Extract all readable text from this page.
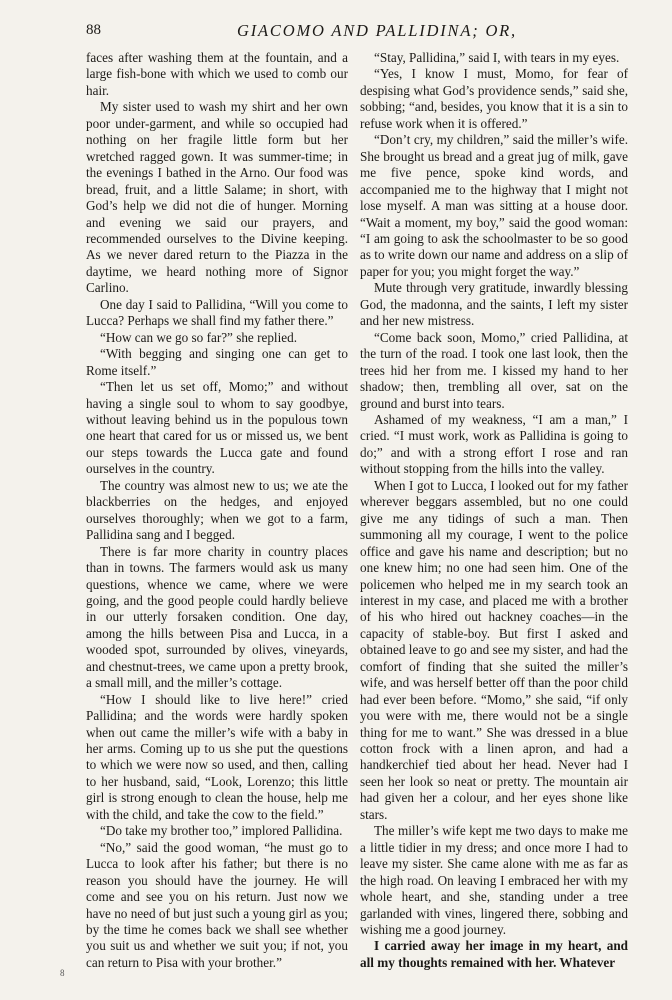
88	GIACOMO AND PALLIDINA; OR,

faces after washing them at the fountain, and a large fish-bone with which we used to comb our hair.

My sister used to wash my shirt and her own poor under-garment, and while so occupied had nothing on her fragile little form but her wretched ragged gown. It was summer-time; in the evenings I bathed in the Arno. Our food was bread, fruit, and a little Salame; in short, with God’s help we did not die of hunger. Morning and evening we said our prayers, and recommended ourselves to the Divine keeping. As we never dared return to the Piazza in the daytime, we heard nothing more of Signor Carlino.

One day I said to Pallidina, “Will you come to Lucca? Perhaps we shall find my father there.”

“How can we go so far?” she replied.

“With begging and singing one can get to Rome itself.”

“Then let us set off, Momo;” and without having a single soul to whom to say goodbye, without leaving behind us in the populous town one heart that cared for us or missed us, we bent our steps towards the Lucca gate and found ourselves in the country.

The country was almost new to us; we ate the blackberries on the hedges, and enjoyed ourselves thoroughly; when we got to a farm, Pallidina sang and I begged.

There is far more charity in country places than in towns. The farmers would ask us many questions, whence we came, where we were going, and the good people could hardly believe in our utterly forsaken condition. One day, among the hills between Pisa and Lucca, in a wooded spot, surrounded by olives, vineyards, and chestnut-trees, we came upon a pretty brook, a small mill, and the miller’s cottage.

“How I should like to live here!” cried Pallidina; and the words were hardly spoken when out came the miller’s wife with a baby in her arms. Coming up to us she put the questions to which we were now so used, and then, calling to her husband, said, “Look, Lorenzo; this little girl is strong enough to clean the house, help me with the child, and take the cow to the field.”

“Do take my brother too,” implored Pallidina.

“No,” said the good woman, “he must go to Lucca to look after his father; but there is no reason you should have the journey. He will come and see you on his return. Just now we have no need of but just such a young girl as you; by the time he comes back we shall see whether you suit us and whether we suit you; if not, you can return to Pisa with your brother.”

“Stay, Pallidina,” said I, with tears in my eyes.

“Yes, I know I must, Momo, for fear of despising what God’s providence sends,” said she, sobbing; “and, besides, you know that it is a sin to refuse work when it is offered.”

“Don’t cry, my children,” said the miller’s wife. She brought us bread and a great jug of milk, gave me five pence, spoke kind words, and accompanied me to the highway that I might not lose myself. A man was sitting at a house door. “Wait a moment, my boy,” said the good woman: “I am going to ask the schoolmaster to be so good as to write down our name and address on a slip of paper for you; you might forget the way.”

Mute through very gratitude, inwardly blessing God, the madonna, and the saints, I left my sister and her new mistress.

“Come back soon, Momo,” cried Pallidina, at the turn of the road. I took one last look, then the trees hid her from me. I kissed my hand to her shadow; then, trembling all over, sat on the ground and burst into tears.

Ashamed of my weakness, “I am a man,” I cried. “I must work, work as Pallidina is going to do;” and with a strong effort I rose and ran without stopping from the hills into the valley.

When I got to Lucca, I looked out for my father wherever beggars assembled, but no one could give me any tidings of such a man. Then summoning all my courage, I went to the police office and gave his name and description; but no one knew him; no one had seen him. One of the policemen who helped me in my search took an interest in my case, and placed me with a brother of his who hired out hackney coaches—in the capacity of stable-boy. But first I asked and obtained leave to go and see my sister, and had the comfort of finding that she suited the miller’s wife, and was herself better off than the poor child had ever been before. “Momo,” she said, “if only you were with me, there would not be a single thing for me to want.” She was dressed in a blue cotton frock with a linen apron, and had a handkerchief tied about her head. Never had I seen her look so neat or pretty. The mountain air had given her a colour, and her eyes shone like stars.

The miller’s wife kept me two days to make me a little tidier in my dress; and once more I had to leave my sister. She came alone with me as far as the high road. On leaving I embraced her with my whole heart, and she, standing under a tree garlanded with vines, lingered there, sobbing and wishing me a good journey.

I carried away her image in my heart, and all my thoughts remained with her. Whatever

8
